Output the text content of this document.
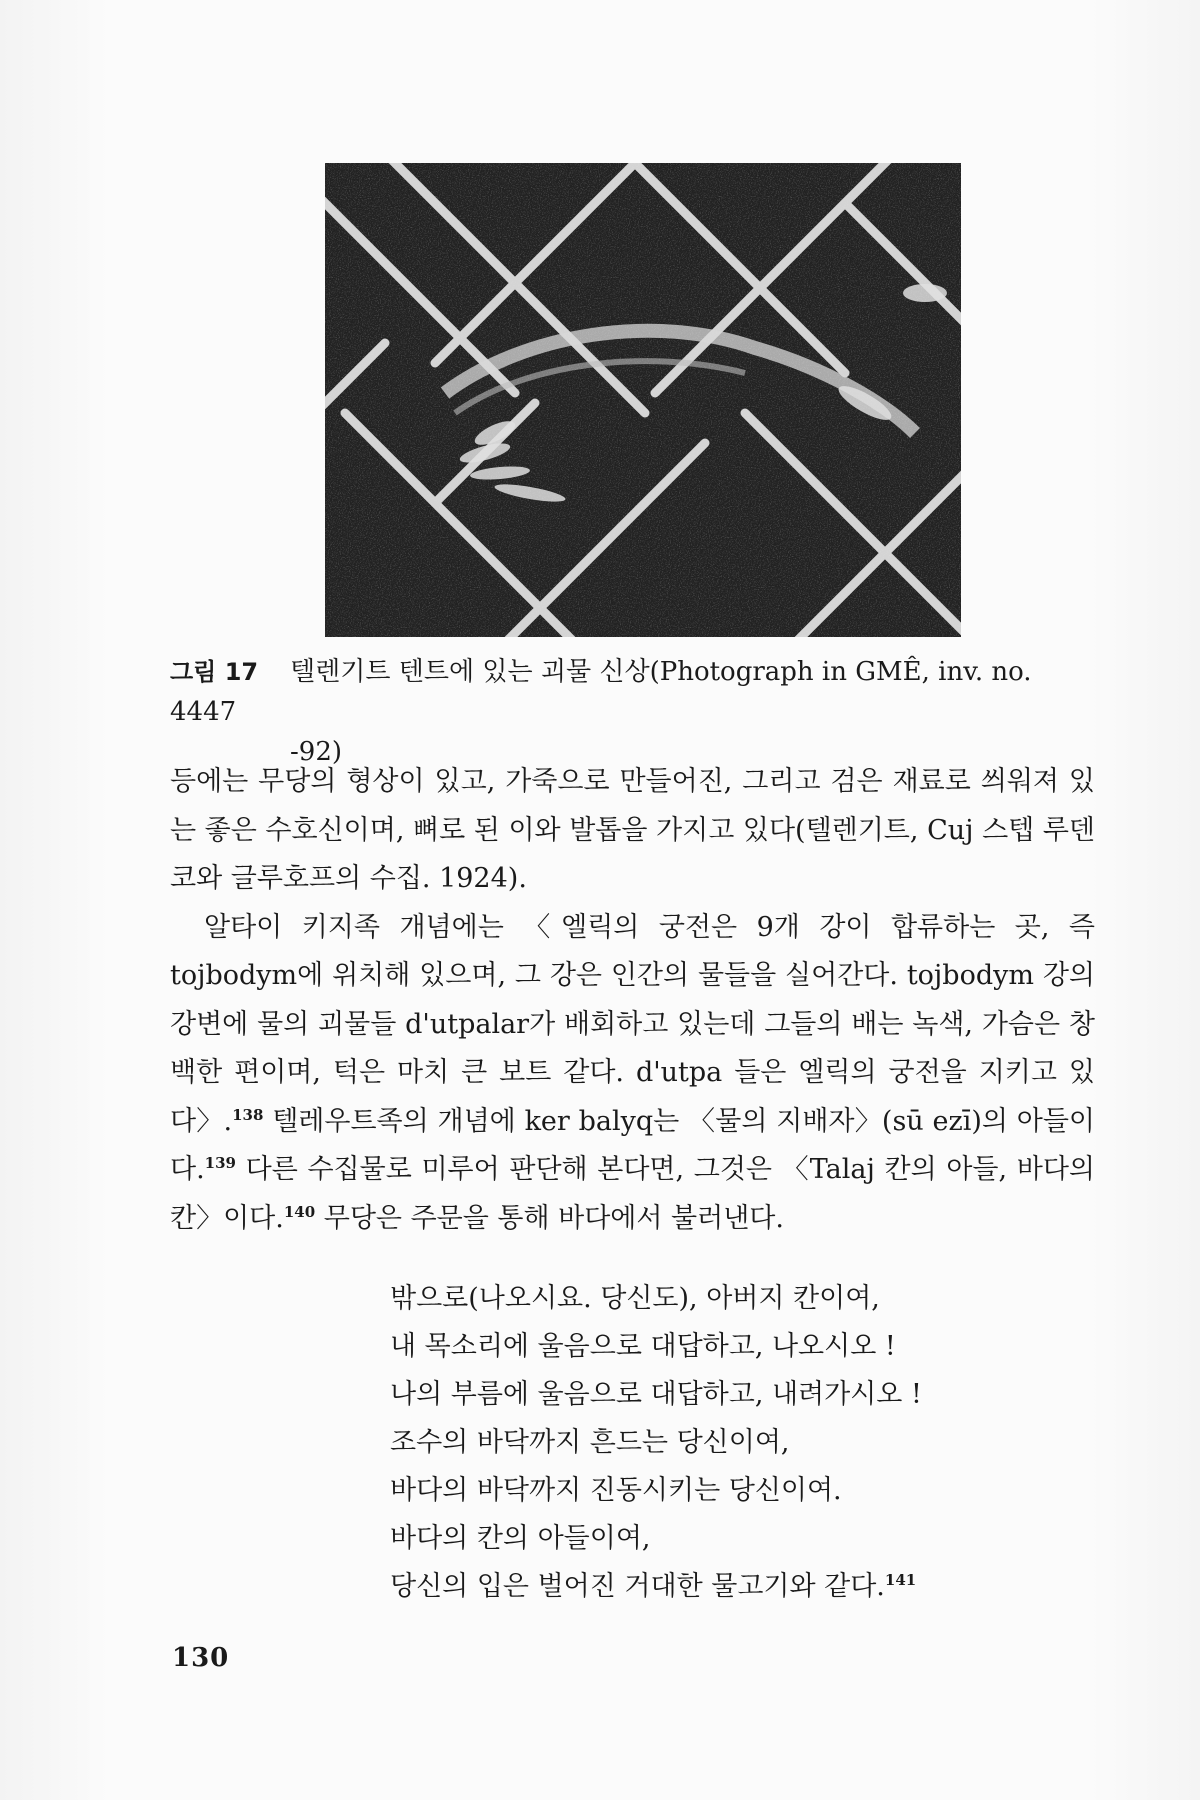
그림 17 텔렌기트 텐트에 있는 괴물 신상(Photograph in GMÊ, inv. no. 4447
-92)

등에는 무당의 형상이 있고, 가죽으로 만들어진, 그리고 검은 재료로 씌워져 있는 좋은 수호신이며, 뼈로 된 이와 발톱을 가지고 있다(텔렌기트, Cuj 스텝 루덴코와 글루호프의 수집. 1924).

알타이 키지족 개념에는 〈엘릭의 궁전은 9개 강이 합류하는 곳, 즉 tojbodym에 위치해 있으며, 그 강은 인간의 물들을 실어간다. tojbodym 강의 강변에 물의 괴물들 d'utpalar가 배회하고 있는데 그들의 배는 녹색, 가슴은 창백한 편이며, 턱은 마치 큰 보트 같다. d'utpa 들은 엘릭의 궁전을 지키고 있다〉.$^{138}$ 텔레우트족의 개념에 ker balyq는 〈물의 지배자〉(sū ezī)의 아들이다.$^{139}$ 다른 수집물로 미루어 판단해 본다면, 그것은 〈Talaj 칸의 아들, 바다의 칸〉이다.$^{140}$ 무당은 주문을 통해 바다에서 불러낸다.

밖으로(나오시요. 당신도), 아버지 칸이여,
내 목소리에 울음으로 대답하고, 나오시오 !
나의 부름에 울음으로 대답하고, 내려가시오 !
조수의 바닥까지 흔드는 당신이여,
바다의 바닥까지 진동시키는 당신이여.
바다의 칸의 아들이여,
당신의 입은 벌어진 거대한 물고기와 같다.$^{141}$
130
